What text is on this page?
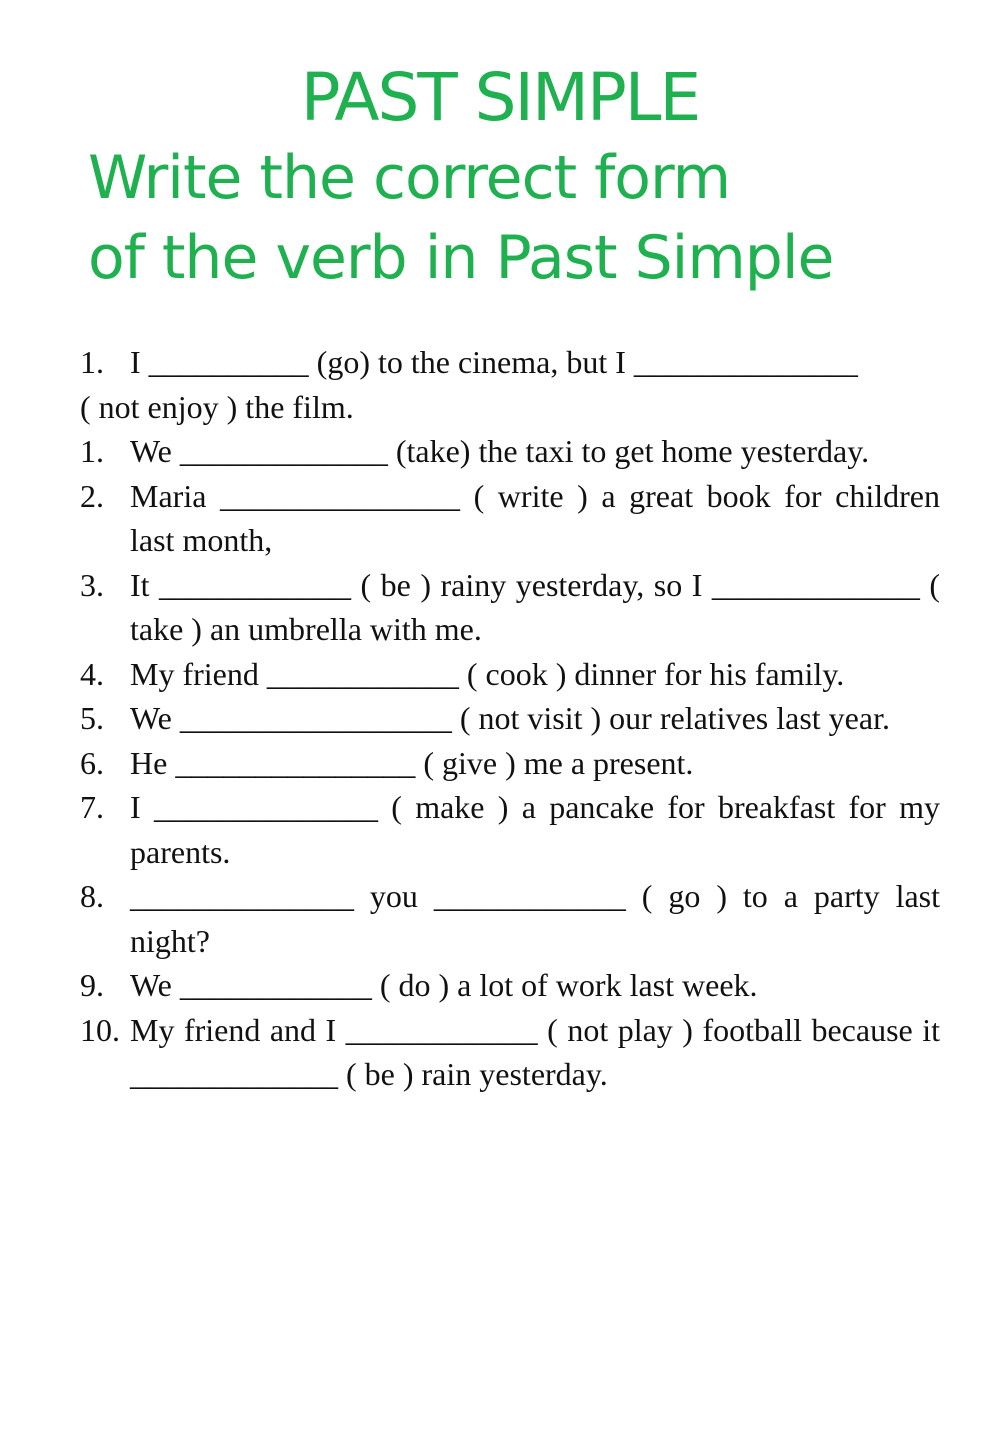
PAST SIMPLE
Write the correct form
of the verb in Past Simple
1. I __________ (go) to the cinema, but I ______________
( not enjoy ) the film.
1. We _____________ (take) the taxi to get home yesterday.
2. Maria _______________ ( write ) a great book for children last month,
3. It ____________ ( be ) rainy yesterday, so I _____________ ( take ) an umbrella with me.
4. My friend ____________ ( cook ) dinner for his family.
5. We _________________ ( not visit ) our relatives last year.
6. He _______________ ( give ) me a present.
7. I ______________ ( make ) a pancake for breakfast for my parents.
8. ______________ you ____________ ( go ) to a party last night?
9. We ____________ ( do ) a lot of work last week.
10. My friend and I ____________ ( not play ) football because it _____________ ( be ) rain yesterday.
